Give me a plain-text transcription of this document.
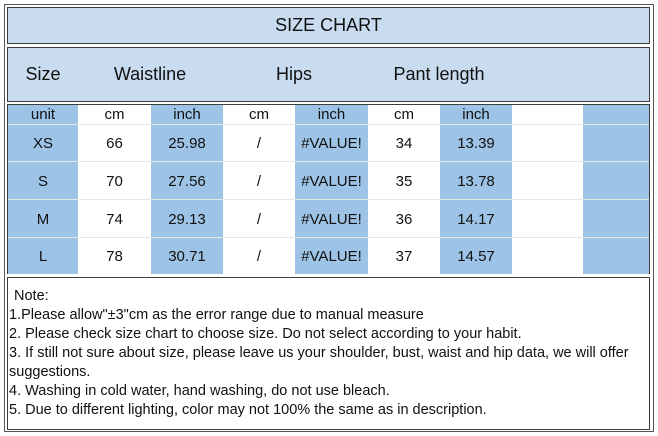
SIZE CHART
Size	Waistline	Hips	Pant length
unit	cm	inch	cm	inch	cm	inch
XS	66	25.98	/	#VALUE!	34	13.39
S	70	27.56	/	#VALUE!	35	13.78
M	74	29.13	/	#VALUE!	36	14.17
L	78	30.71	/	#VALUE!	37	14.57
Note:
1.Please allow"±3"cm as the error range due to manual measure
2. Please check size chart to choose size. Do not select according to your habit.
3. If still not sure about size, please leave us your shoulder, bust, waist and hip data, we will offer suggestions.
4. Washing in cold water, hand washing, do not use bleach.
5. Due to different lighting, color may not 100% the same as in description.
